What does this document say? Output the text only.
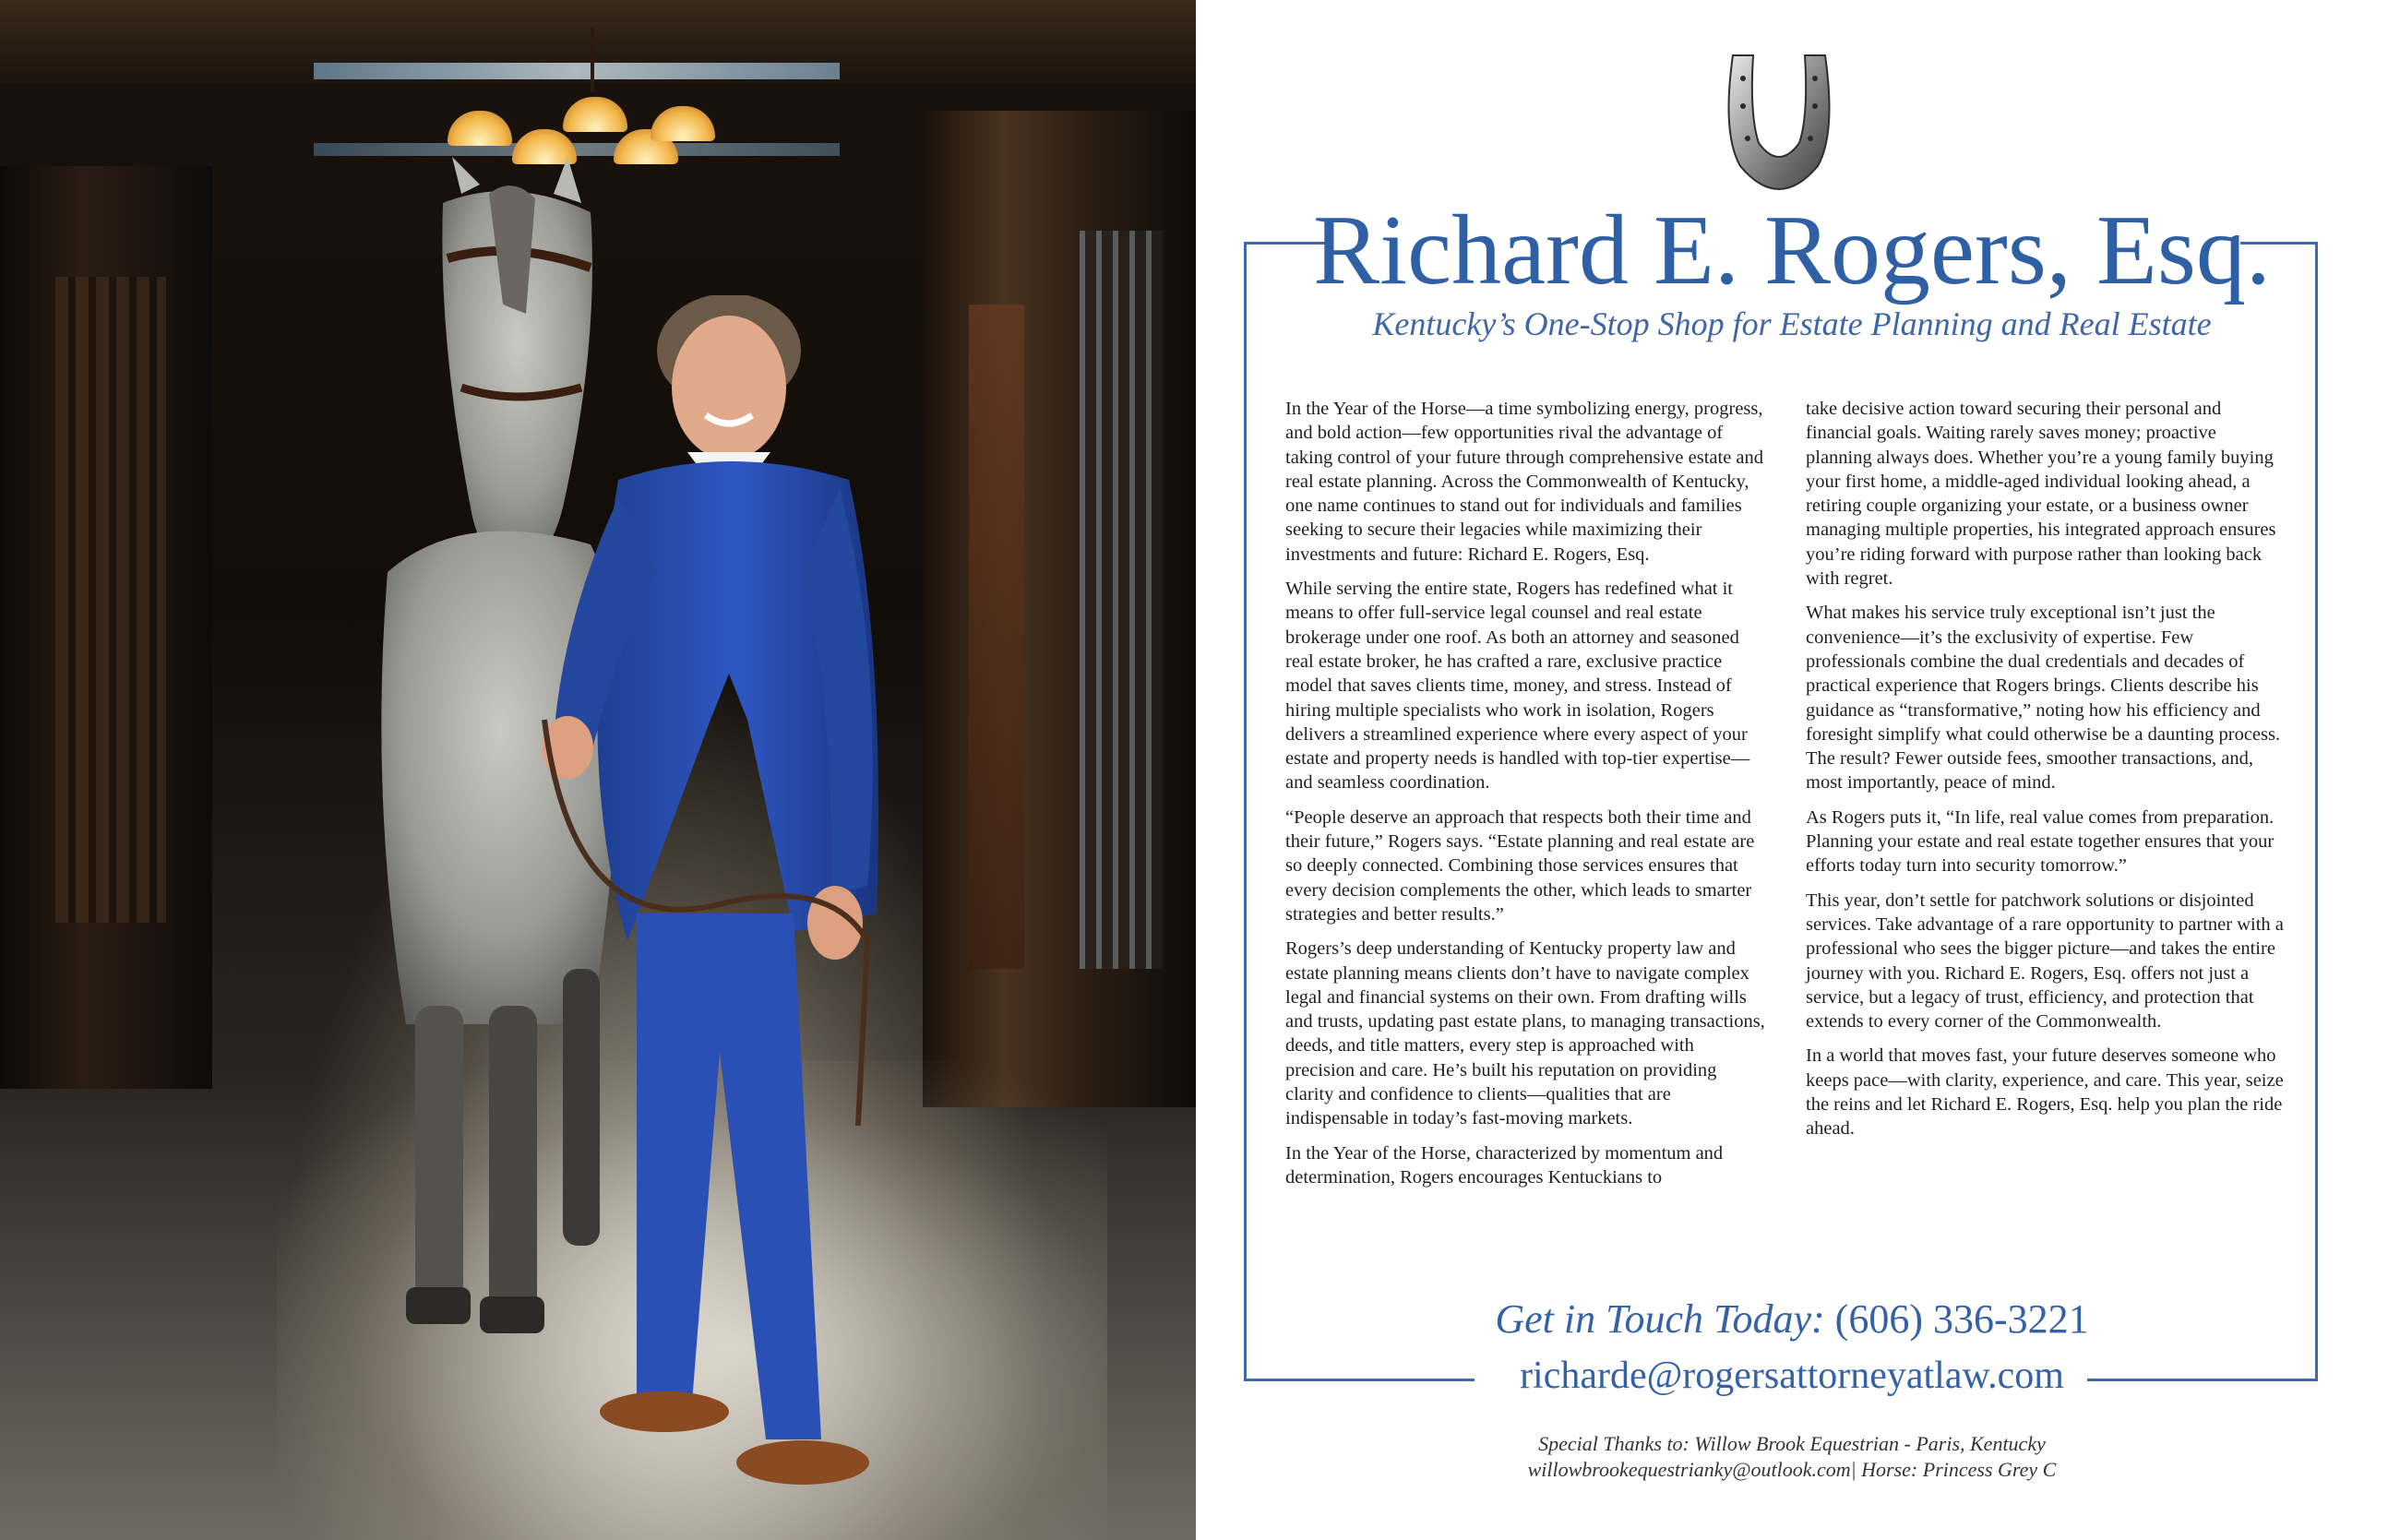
Richard E. Rogers, Esq.
Kentucky’s One-Stop Shop for Estate Planning and Real Estate

In the Year of the Horse—a time symbolizing energy, progress, and bold action—few opportunities rival the advantage of taking control of your future through comprehensive estate and real estate planning. Across the Commonwealth of Kentucky, one name continues to stand out for individuals and families seeking to secure their legacies while maximizing their investments and future: Richard E. Rogers, Esq.

While serving the entire state, Rogers has redefined what it means to offer full-service legal counsel and real estate brokerage under one roof. As both an attorney and seasoned real estate broker, he has crafted a rare, exclusive practice model that saves clients time, money, and stress. Instead of hiring multiple specialists who work in isolation, Rogers delivers a streamlined experience where every aspect of your estate and property needs is handled with top-tier expertise—and seamless coordination.

“People deserve an approach that respects both their time and their future,” Rogers says. “Estate planning and real estate are so deeply connected. Combining those services ensures that every decision complements the other, which leads to smarter strategies and better results.”

Rogers’s deep understanding of Kentucky property law and estate planning means clients don’t have to navigate complex legal and financial systems on their own. From drafting wills and trusts, updating past estate plans, to managing transactions, deeds, and title matters, every step is approached with precision and care. He’s built his reputation on providing clarity and confidence to clients—qualities that are indispensable in today’s fast-moving markets.

In the Year of the Horse, characterized by momentum and determination, Rogers encourages Kentuckians to

take decisive action toward securing their personal and financial goals. Waiting rarely saves money; proactive planning always does. Whether you’re a young family buying your first home, a middle-aged individual looking ahead, a retiring couple organizing your estate, or a business owner managing multiple properties, his integrated approach ensures you’re riding forward with purpose rather than looking back with regret.

What makes his service truly exceptional isn’t just the convenience—it’s the exclusivity of expertise. Few professionals combine the dual credentials and decades of practical experience that Rogers brings. Clients describe his guidance as “transformative,” noting how his efficiency and foresight simplify what could otherwise be a daunting process. The result? Fewer outside fees, smoother transactions, and, most importantly, peace of mind.

As Rogers puts it, “In life, real value comes from preparation. Planning your estate and real estate together ensures that your efforts today turn into security tomorrow.”

This year, don’t settle for patchwork solutions or disjointed services. Take advantage of a rare opportunity to partner with a professional who sees the bigger picture—and takes the entire journey with you. Richard E. Rogers, Esq. offers not just a service, but a legacy of trust, efficiency, and protection that extends to every corner of the Commonwealth.

In a world that moves fast, your future deserves someone who keeps pace—with clarity, experience, and care. This year, seize the reins and let Richard E. Rogers, Esq. help you plan the ride ahead.

Get in Touch Today: (606) 336-3221
richarde@rogersattorneyatlaw.com
Special Thanks to: Willow Brook Equestrian - Paris, Kentucky
willowbrookequestrianky@outlook.com| Horse: Princess Grey C
